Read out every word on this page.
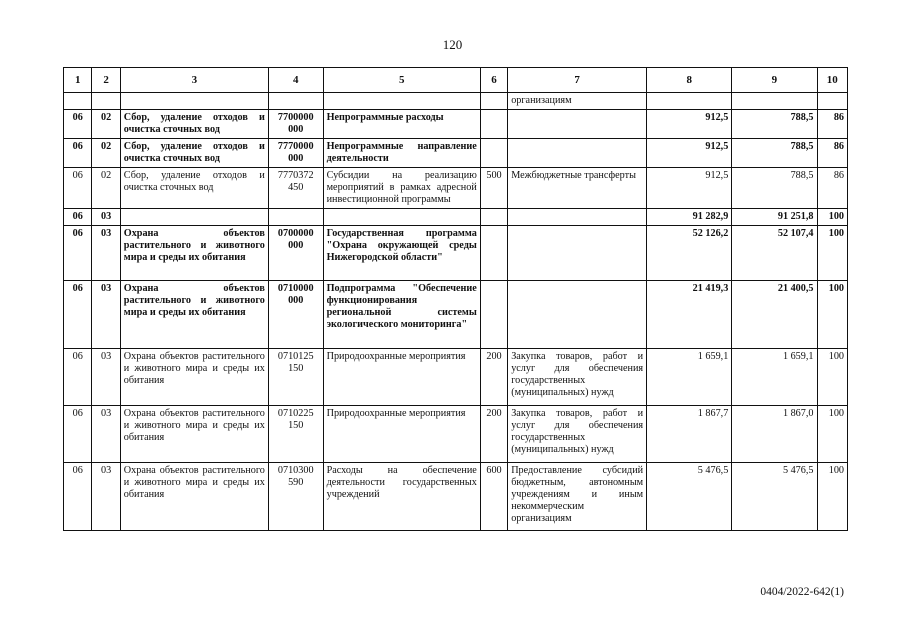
120
1	2	3	4	5	6	7	8	9	10
						организациям			
06	02	Сбор, удаление отходов и очистка сточных вод	7700000 000	Непрограммные расходы			912,5	788,5	86
06	02	Сбор, удаление отходов и очистка сточных вод	7770000 000	Непрограммные направление деятельности			912,5	788,5	86
06	02	Сбор, удаление отходов и очистка сточных вод	7770372 450	Субсидии на реализацию мероприятий в рамках адресной инвестиционной программы	500	Межбюджетные трансферты	912,5	788,5	86
06	03						91 282,9	91 251,8	100
06	03	Охрана объектов растительного и животного мира и среды их обитания	0700000 000	Государственная программа "Охрана окружающей среды Нижегородской области"			52 126,2	52 107,4	100
06	03	Охрана объектов растительного и животного мира и среды их обитания	0710000 000	Подпрограмма "Обеспечение функционирования региональной системы экологического мониторинга"			21 419,3	21 400,5	100
06	03	Охрана объектов растительного и животного мира и среды их обитания	0710125 150	Природоохранные мероприятия	200	Закупка товаров, работ и услуг для обеспечения государственных (муниципальных) нужд	1 659,1	1 659,1	100
06	03	Охрана объектов растительного и животного мира и среды их обитания	0710225 150	Природоохранные мероприятия	200	Закупка товаров, работ и услуг для обеспечения государственных (муниципальных) нужд	1 867,7	1 867,0	100
06	03	Охрана объектов растительного и животного мира и среды их обитания	0710300 590	Расходы на обеспечение деятельности государственных учреждений	600	Предоставление субсидий бюджетным, автономным учреждениям и иным некоммерческим организациям	5 476,5	5 476,5	100
0404/2022-642(1)
